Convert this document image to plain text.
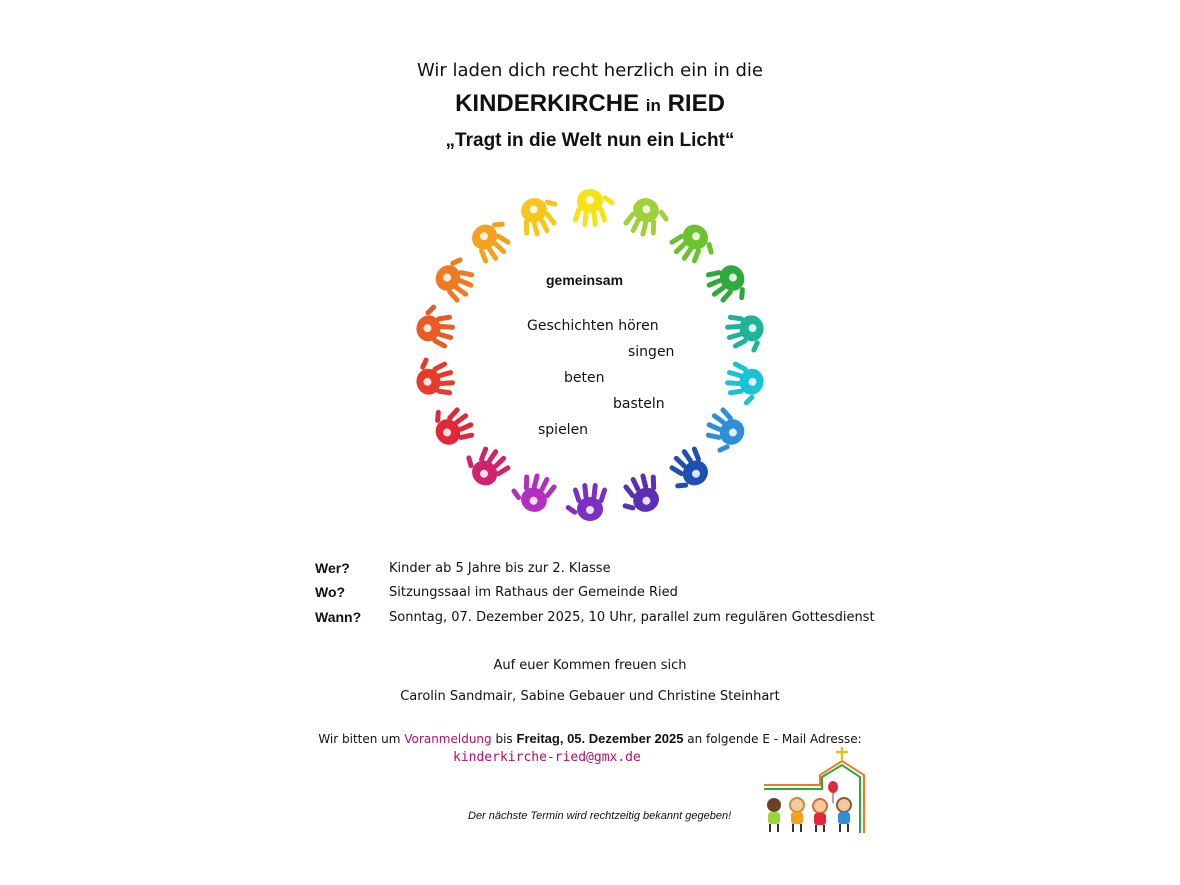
Wir laden dich recht herzlich ein in die
KINDERKIRCHE in RIED
„Tragt in die Welt nun ein Licht“
gemeinsam
Geschichten hören
singen
beten
basteln
spielen
Wer?	Kinder ab 5 Jahre bis zur 2. Klasse
Wo?	Sitzungssaal im Rathaus der Gemeinde Ried
Wann? Sonntag, 07. Dezember 2025, 10 Uhr, parallel zum regulären Gottesdienst
Auf euer Kommen freuen sich
Carolin Sandmair, Sabine Gebauer und Christine Steinhart
Wir bitten um Voranmeldung bis Freitag, 05. Dezember 2025 an folgende E - Mail Adresse:
kinderkirche-ried@gmx.de
Der nächste Termin wird rechtzeitig bekannt gegeben!
